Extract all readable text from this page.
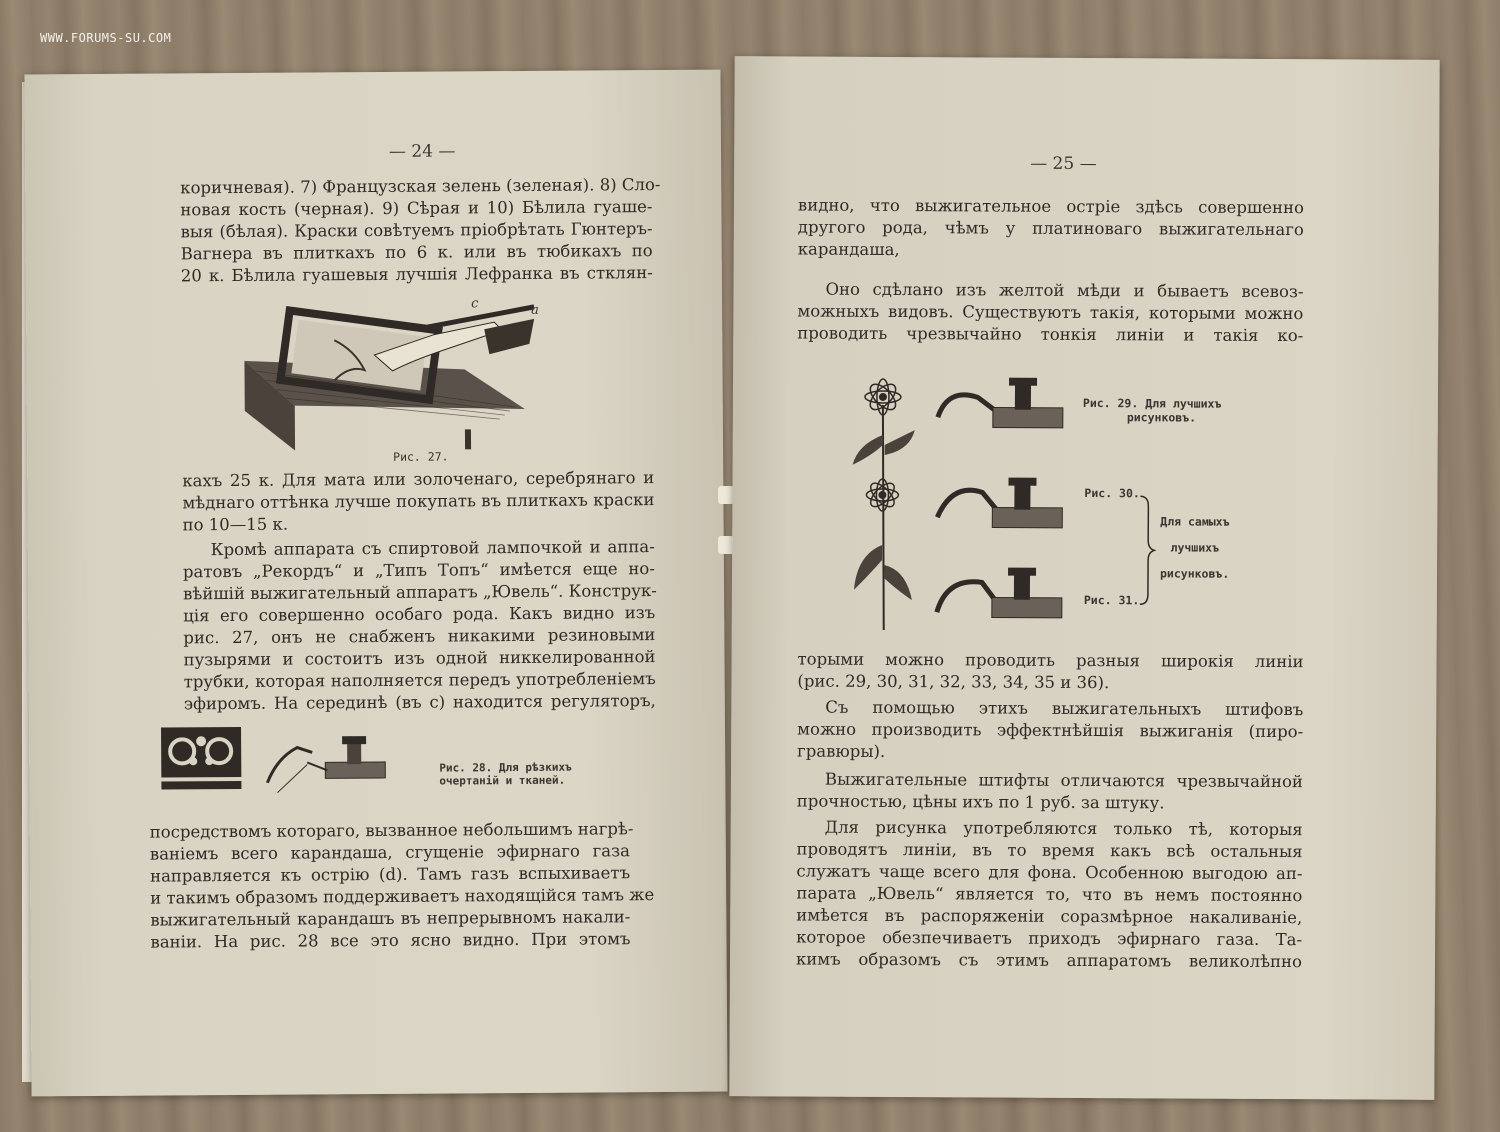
WWW.FORUMS-SU.COM
— 24 —
коричневая). 7) Французская зелень (зеленая). 8) Сло-
новая кость (черная). 9) Сѣрая и 10) Бѣлила гуаше-
выя (бѣлая). Краски совѣтуемъ пріобрѣтать Гюнтеръ-
Вагнера въ плиткахъ по 6 к. или въ тюбикахъ по
20 к. Бѣлила гуашевыя лучшія Лефранка въ стклян-
c	a
Рис. 27.
кахъ 25 к. Для мата или золоченаго, серебрянаго и
мѣднаго оттѣнка лучше покупать въ плиткахъ краски
по 10—15 к.
Кромѣ аппарата съ спиртовой лампочкой и аппа-
ратовъ „Рекордъ“ и „Типъ Топъ“ имѣется еще но-
вѣйшій выжигательный аппаратъ „Ювель“. Конструк-
ція его совершенно особаго рода. Какъ видно изъ
рис. 27, онъ не снабженъ никакими резиновыми
пузырями и состоитъ изъ одной никкелированной
трубки, которая наполняется передъ употребленіемъ
эфиромъ. На серединѣ (въ c) находится регуляторъ,
Рис. 28. Для рѣзкихъ
очертаній и тканей.
посредствомъ котораго, вызванное небольшимъ нагрѣ-
ваніемъ всего карандаша, сгущеніе эфирнаго газа
направляется къ острію (d). Тамъ газъ вспыхиваетъ
и такимъ образомъ поддерживаетъ находящійся тамъ же
выжигательный карандашъ въ непрерывномъ накали-
ваніи. На рис. 28 все это ясно видно. При этомъ
— 25 —
видно, что выжигательное остріе здѣсь совершенно
другого рода, чѣмъ у платиноваго выжигательнаго
карандаша,
Оно сдѣлано изъ желтой мѣди и бываетъ всевоз-
можныхъ видовъ. Существуютъ такія, которыми можно
проводить чрезвычайно тонкія линіи и такія ко-
Рис. 29. Для лучшихъ
рисунковъ.
Рис. 30.
Рис. 31.
Для самыхъ
лучшихъ
рисунковъ.
торыми можно проводить разныя широкія линіи
(рис. 29, 30, 31, 32, 33, 34, 35 и 36).
Съ помощью этихъ выжигательныхъ штифовъ
можно производить эффектнѣйшія выжиганія (пиро-
гравюры).
Выжигательные штифты отличаются чрезвычайной
прочностью, цѣны ихъ по 1 руб. за штуку.
Для рисунка употребляются только тѣ, которыя
проводятъ линіи, въ то время какъ всѣ остальныя
служатъ чаще всего для фона. Особенною выгодою ап-
парата „Ювель“ является то, что въ немъ постоянно
имѣется въ распоряженіи соразмѣрное накаливаніе,
которое обезпечиваетъ приходъ эфирнаго газа. Та-
кимъ образомъ съ этимъ аппаратомъ великолѣпно
